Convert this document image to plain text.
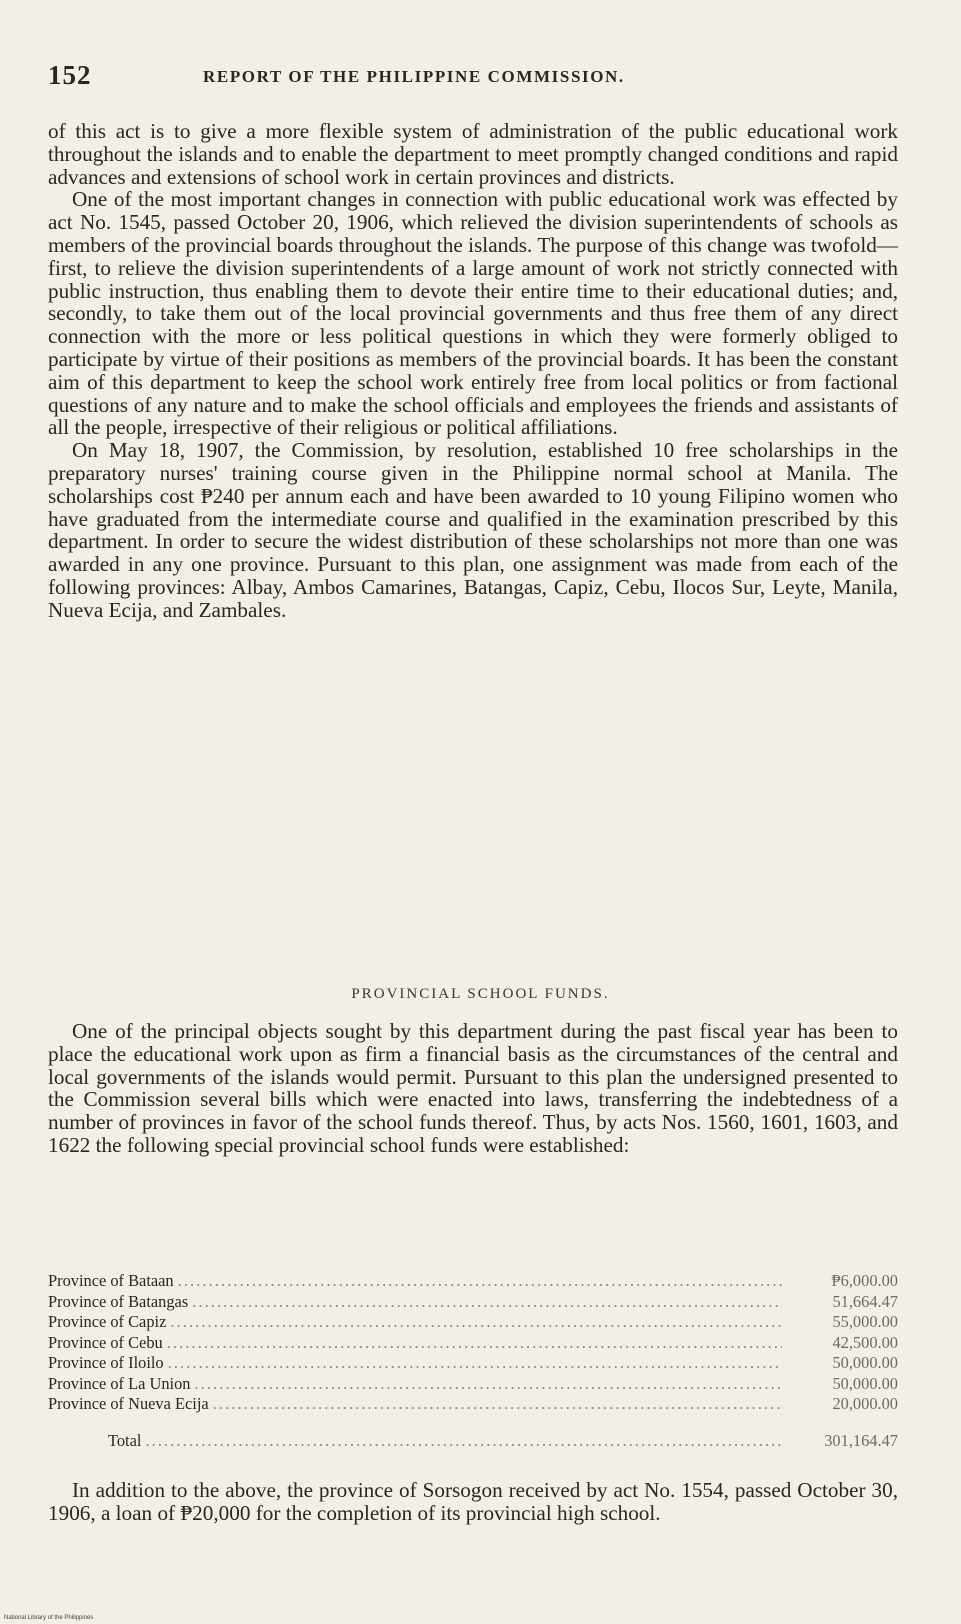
152	REPORT OF THE PHILIPPINE COMMISSION.

of this act is to give a more flexible system of administration of the public educational work throughout the islands and to enable the department to meet promptly changed conditions and rapid advances and extensions of school work in certain provinces and districts.

One of the most important changes in connection with public educational work was effected by act No. 1545, passed October 20, 1906, which relieved the division superintendents of schools as members of the provincial boards throughout the islands. The purpose of this change was twofold—first, to relieve the division superintendents of a large amount of work not strictly connected with public instruction, thus enabling them to devote their entire time to their educational duties; and, secondly, to take them out of the local provincial governments and thus free them of any direct connection with the more or less political questions in which they were formerly obliged to participate by virtue of their positions as members of the provincial boards. It has been the constant aim of this department to keep the school work entirely free from local politics or from factional questions of any nature and to make the school officials and employees the friends and assistants of all the people, irrespective of their religious or political affiliations.

On May 18, 1907, the Commission, by resolution, established 10 free scholarships in the preparatory nurses' training course given in the Philippine normal school at Manila. The scholarships cost ₱240 per annum each and have been awarded to 10 young Filipino women who have graduated from the intermediate course and qualified in the examination prescribed by this department. In order to secure the widest distribution of these scholarships not more than one was awarded in any one province. Pursuant to this plan, one assignment was made from each of the following provinces: Albay, Ambos Camarines, Batangas, Capiz, Cebu, Ilocos Sur, Leyte, Manila, Nueva Ecija, and Zambales.

PROVINCIAL SCHOOL FUNDS.

One of the principal objects sought by this department during the past fiscal year has been to place the educational work upon as firm a financial basis as the circumstances of the central and local governments of the islands would permit. Pursuant to this plan the undersigned presented to the Commission several bills which were enacted into laws, transferring the indebtedness of a number of provinces in favor of the school funds thereof. Thus, by acts Nos. 1560, 1601, 1603, and 1622 the following special provincial school funds were established:

Province of Bataan . . .	₱6,000.00
Province of Batangas . . .	51,664.47
Province of Capiz . . .	55,000.00
Province of Cebu . . .	42,500.00
Province of Iloilo . . .	50,000.00
Province of La Union . . .	50,000.00
Province of Nueva Ecija . . .	20,000.00
Total . . .	301,164.47

In addition to the above, the province of Sorsogon received by act No. 1554, passed October 30, 1906, a loan of ₱20,000 for the completion of its provincial high school.

National Library of the Philippines
